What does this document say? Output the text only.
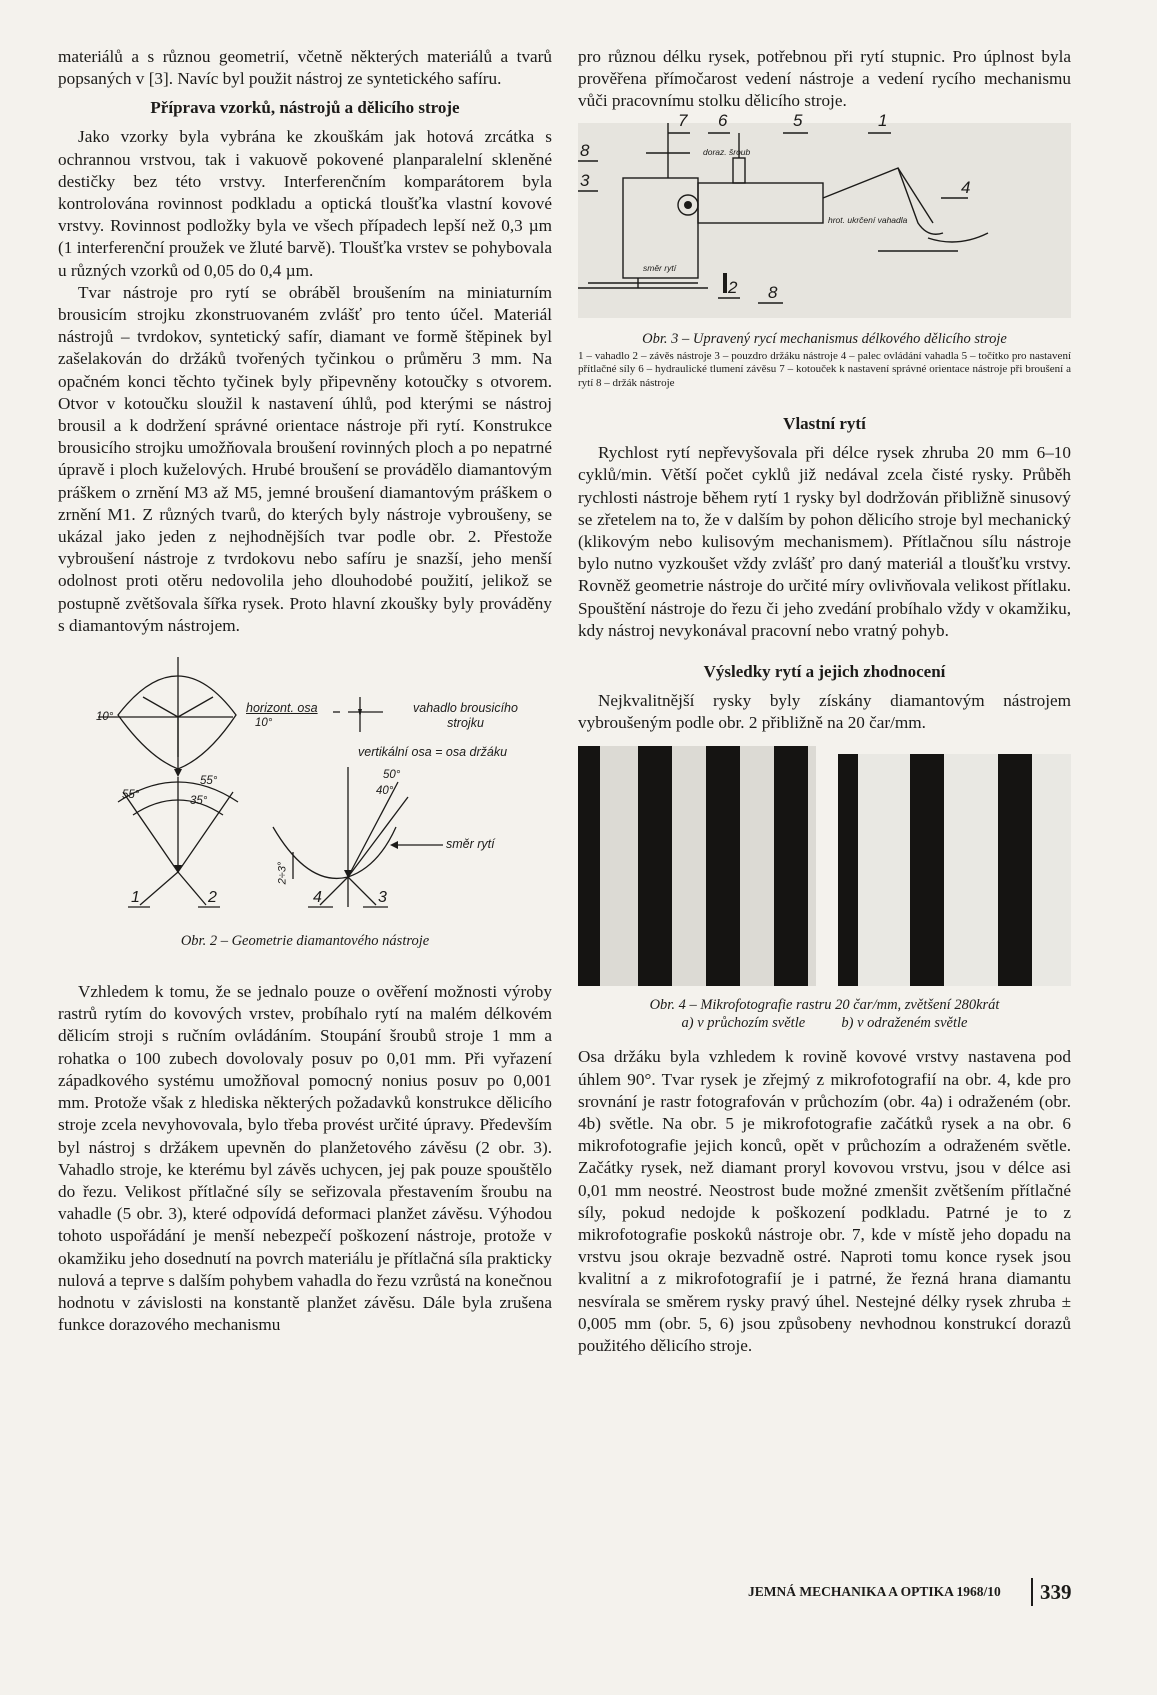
materiálů a s různou geometrií, včetně některých materiálů a tvarů popsaných v [3]. Navíc byl použit nástroj ze syntetického safíru.

Příprava vzorků, nástrojů a dělicího stroje

Jako vzorky byla vybrána ke zkouškám jak hotová zrcátka s ochrannou vrstvou, tak i vakuově pokovené planparalelní skleněné destičky bez této vrstvy. Interferenčním komparátorem byla kontrolována rovinnost podkladu a optická tloušťka vlastní kovové vrstvy. Rovinnost podložky byla ve všech případech lepší než 0,3 µm (1 interferenční proužek ve žluté barvě). Tloušťka vrstev se pohybovala u různých vzorků od 0,05 do 0,4 µm.

Tvar nástroje pro rytí se obráběl broušením na miniaturním brousicím strojku zkonstruovaném zvlášť pro tento účel. Materiál nástrojů – tvrdokov, syntetický safír, diamant ve formě štěpinek byl zašelakován do držáků tvořených tyčinkou o průměru 3 mm. Na opačném konci těchto tyčinek byly připevněny kotoučky s otvorem. Otvor v kotoučku sloužil k nastavení úhlů, pod kterými se nástroj brousil a k dodržení správné orientace nástroje při rytí. Konstrukce brousicího strojku umožňovala broušení rovinných ploch a po nepatrné úpravě i ploch kuželových. Hrubé broušení se provádělo diamantovým práškem o zrnění M3 až M5, jemné broušení diamantovým práškem o zrnění M1. Z různých tvarů, do kterých byly nástroje vybroušeny, se ukázal jako jeden z nejhodnějších tvar podle obr. 2. Přestože vybroušení nástroje z tvrdokovu nebo safíru je snazší, jeho menší odolnost proti otěru nedovolila jeho dlouhodobé použití, jelikož se postupně zvětšovala šířka rysek. Proto hlavní zkoušky byly prováděny s diamantovým nástrojem.

horizont. osa	vahadlo brousicího strojku
vertikální osa = osa držáku
směr rytí
10°	10°
55°	35°
55°	50°
40°
2÷3°
1	2	4	3
Obr. 2 – Geometrie diamantového nástroje

Vzhledem k tomu, že se jednalo pouze o ověření možnosti výroby rastrů rytím do kovových vrstev, probíhalo rytí na malém délkovém dělicím stroji s ručním ovládáním. Stoupání šroubů stroje 1 mm a rohatka o 100 zubech dovolovaly posuv po 0,01 mm. Při vyřazení západkového systému umožňoval pomocný nonius posuv po 0,001 mm. Protože však z hlediska některých požadavků konstrukce dělicího stroje zcela nevyhovovala, bylo třeba provést určité úpravy. Především byl nástroj s držákem upevněn do planžetového závěsu (2 obr. 3). Vahadlo stroje, ke kterému byl závěs uchycen, jej pak pouze spouštělo do řezu. Velikost přítlačné síly se seřizovala přestavením šroubu na vahadle (5 obr. 3), které odpovídá deformaci planžet závěsu. Výhodou tohoto uspořádání je menší nebezpečí poškození nástroje, protože v okamžiku jeho dosednutí na povrch materiálu je přítlačná síla prakticky nulová a teprve s dalším pohybem vahadla do řezu vzrůstá na konečnou hodnotu v závislosti na konstantě planžet závěsu. Dále byla zrušena funkce dorazového mechanismu

pro různou délku rysek, potřebnou při rytí stupnic. Pro úplnost byla prověřena přímočarost vedení nástroje a vedení rycího mechanismu vůči pracovnímu stolku dělicího stroje.

7 6	5	1
8
3	4
2 8
doraz. šroub
hrot. ukrčení vahadla
směr rytí
Obr. 3 – Upravený rycí mechanismus délkového dělicího stroje
1 – vahadlo 2 – závěs nástroje 3 – pouzdro držáku nástroje 4 – palec ovládání vahadla 5 – točítko pro nastavení přítlačné síly 6 – hydraulické tlumení závěsu 7 – kotouček k nastavení správné orientace nástroje při broušení a rytí 8 – držák nástroje
Vlastní rytí

Rychlost rytí nepřevyšovala při délce rysek zhruba 20 mm 6–10 cyklů/min. Větší počet cyklů již nedával zcela čisté rysky. Průběh rychlosti nástroje během rytí 1 rysky byl dodržován přibližně sinusový se zřetelem na to, že v dalším by pohon dělicího stroje byl mechanický (klikovým nebo kulisovým mechanismem). Přítlačnou sílu nástroje bylo nutno vyzkoušet vždy zvlášť pro daný materiál a tloušťku vrstvy. Rovněž geometrie nástroje do určité míry ovlivňovala velikost přítlaku. Spouštění nástroje do řezu či jeho zvedání probíhalo vždy v okamžiku, kdy nástroj nevykonával pracovní nebo vratný pohyb.

Výsledky rytí a jejich zhodnocení

Nejkvalitnější rysky byly získány diamantovým nástrojem vybroušeným podle obr. 2 přibližně na 20 čar/mm.

Obr. 4 – Mikrofotografie rastru 20 čar/mm, zvětšení 280krát
a) v průchozím světle          b) v odraženém světle

Osa držáku byla vzhledem k rovině kovové vrstvy nastavena pod úhlem 90°. Tvar rysek je zřejmý z mikrofotografií na obr. 4, kde pro srovnání je rastr fotografován v průchozím (obr. 4a) i odraženém (obr. 4b) světle. Na obr. 5 je mikrofotografie začátků rysek a na obr. 6 mikrofotografie jejich konců, opět v průchozím a odraženém světle. Začátky rysek, než diamant proryl kovovou vrstvu, jsou v délce asi 0,01 mm neostré. Neostrost bude možné zmenšit zvětšením přítlačné síly, pokud nedojde k poškození podkladu. Patrné je to z mikrofotografie poskoků nástroje obr. 7, kde v místě jeho dopadu na vrstvu jsou okraje bezvadně ostré. Naproti tomu konce rysek jsou kvalitní a z mikrofotografií je i patrné, že řezná hrana diamantu nesvírala se směrem rysky pravý úhel. Nestejné délky rysek zhruba ± 0,005 mm (obr. 5, 6) jsou způsobeny nevhodnou konstrukcí dorazů použitého dělicího stroje.

JEMNÁ MECHANIKA A OPTIKA 1968/10 339
